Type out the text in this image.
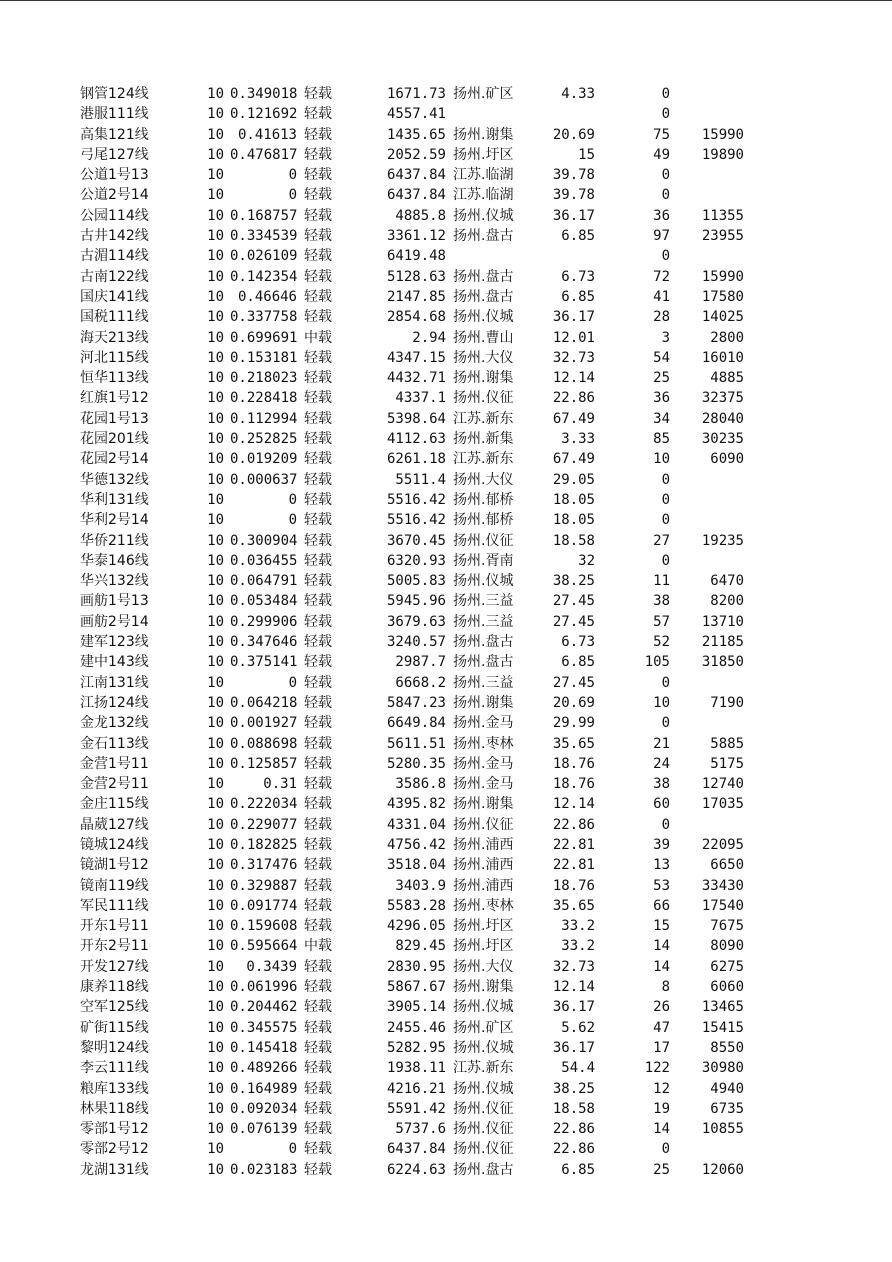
钢管124线	10 0.349018 轻载	1671.73 扬州.矿区	4.33	0
港服111线	10 0.121692 轻载	4557.41	0
高集121线	10 0.41613 轻载	1435.65 扬州.谢集	20.69	75	15990
弓尾127线	10 0.476817 轻载	2052.59 扬州.圩区	15	49	19890
公道1号13	10	0 轻载	6437.84 江苏.临湖	39.78	0
公道2号14	10	0 轻载	6437.84 江苏.临湖	39.78	0
公园114线	10 0.168757 轻载	4885.8 扬州.仪城	36.17	36	11355
古井142线	10 0.334539 轻载	3361.12 扬州.盘古	6.85	97	23955
古湄114线	10 0.026109 轻载	6419.48	0
古南122线	10 0.142354 轻载	5128.63 扬州.盘古	6.73	72	15990
国庆141线	10 0.46646 轻载	2147.85 扬州.盘古	6.85	41	17580
国税111线	10 0.337758 轻载	2854.68 扬州.仪城	36.17	28	14025
海天213线	10 0.699691 中载	2.94 扬州.曹山	12.01	3	2800
河北115线	10 0.153181 轻载	4347.15 扬州.大仪	32.73	54	16010
恒华113线	10 0.218023 轻载	4432.71 扬州.谢集	12.14	25	4885
红旗1号12	10 0.228418 轻载	4337.1 扬州.仪征	22.86	36	32375
花园1号13	10 0.112994 轻载	5398.64 江苏.新东	67.49	34	28040
花园201线	10 0.252825 轻载	4112.63 扬州.新集	3.33	85	30235
花园2号14	10 0.019209 轻载	6261.18 江苏.新东	67.49	10	6090
华德132线	10 0.000637 轻载	5511.4 扬州.大仪	29.05	0
华利131线	10	0 轻载	5516.42 扬州.郁桥	18.05	0
华利2号14	10	0 轻载	5516.42 扬州.郁桥	18.05	0
华侨211线	10 0.300904 轻载	3670.45 扬州.仪征	18.58	27	19235
华泰146线	10 0.036455 轻载	6320.93 扬州.胥南	32	0
华兴132线	10 0.064791 轻载	5005.83 扬州.仪城	38.25	11	6470
画舫1号13	10 0.053484 轻载	5945.96 扬州.三益	27.45	38	8200
画舫2号14	10 0.299906 轻载	3679.63 扬州.三益	27.45	57	13710
建军123线	10 0.347646 轻载	3240.57 扬州.盘古	6.73	52	21185
建中143线	10 0.375141 轻载	2987.7 扬州.盘古	6.85	105	31850
江南131线	10	0 轻载	6668.2 扬州.三益	27.45	0
江扬124线	10 0.064218 轻载	5847.23 扬州.谢集	20.69	10	7190
金龙132线	10 0.001927 轻载	6649.84 扬州.金马	29.99	0
金石113线	10 0.088698 轻载	5611.51 扬州.枣林	35.65	21	5885
金营1号11	10 0.125857 轻载	5280.35 扬州.金马	18.76	24	5175
金营2号11	10	0.31 轻载	3586.8 扬州.金马	18.76	38	12740
金庄115线	10 0.222034 轻载	4395.82 扬州.谢集	12.14	60	17035
晶葳127线	10 0.229077 轻载	4331.04 扬州.仪征	22.86	0
镜城124线	10 0.182825 轻载	4756.42 扬州.浦西	22.81	39	22095
镜湖1号12	10 0.317476 轻载	3518.04 扬州.浦西	22.81	13	6650
镜南119线	10 0.329887 轻载	3403.9 扬州.浦西	18.76	53	33430
军民111线	10 0.091774 轻载	5583.28 扬州.枣林	35.65	66	17540
开东1号11	10 0.159608 轻载	4296.05 扬州.圩区	33.2	15	7675
开东2号11	10 0.595664 中载	829.45 扬州.圩区	33.2	14	8090
开发127线	10	0.3439 轻载	2830.95 扬州.大仪	32.73	14	6275
康养118线	10 0.061996 轻载	5867.67 扬州.谢集	12.14	8	6060
空军125线	10 0.204462 轻载	3905.14 扬州.仪城	36.17	26	13465
矿街115线	10 0.345575 轻载	2455.46 扬州.矿区	5.62	47	15415
黎明124线	10 0.145418 轻载	5282.95 扬州.仪城	36.17	17	8550
李云111线	10 0.489266 轻载	1938.11 江苏.新东	54.4	122	30980
粮库133线	10 0.164989 轻载	4216.21 扬州.仪城	38.25	12	4940
林果118线	10 0.092034 轻载	5591.42 扬州.仪征	18.58	19	6735
零部1号12	10 0.076139 轻载	5737.6 扬州.仪征	22.86	14	10855
零部2号12	10	0 轻载	6437.84 扬州.仪征	22.86	0
龙湖131线	10 0.023183 轻载	6224.63 扬州.盘古	6.85	25	12060
